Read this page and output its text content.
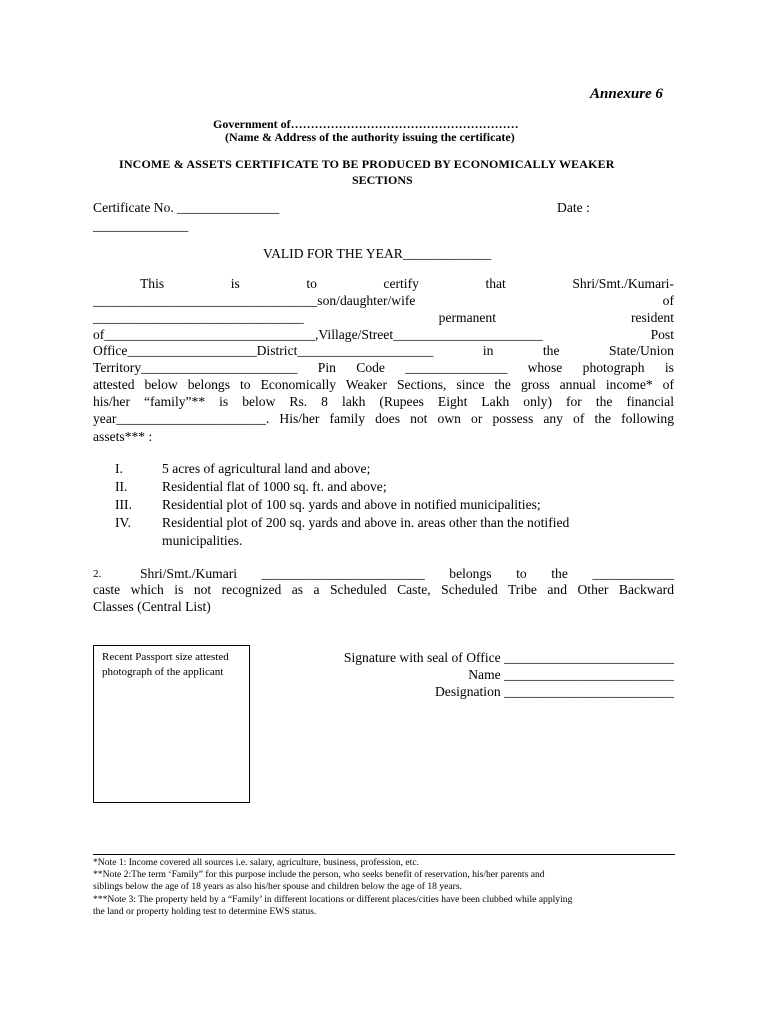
Annexure 6
Government of…………………………………………………
(Name & Address of the authority issuing the certificate)
INCOME & ASSETS CERTIFICATE TO BE PRODUCED BY ECONOMICALLY WEAKER
SECTIONS
Certificate No. _______________	Date :
______________
VALID FOR THE YEAR_____________
This	is	to	certify	that	Shri/Smt./Kumari-
_________________________________son/daughter/wife	of
_______________________________	permanent	resident
of_______________________________,Village/Street______________________	Post
Office___________________District____________________	in	the	State/Union
Territory_______________________ Pin Code _______________ whose photograph is
attested below belongs to Economically Weaker Sections, since the gross annual income* of
his/her “family”** is below Rs. 8 lakh (Rupees Eight Lakh only) for the financial
year______________________. His/her family does not own or possess any of the following
assets*** :
I.	5 acres of agricultural land and above;
II.	Residential flat of 1000 sq. ft. and above;
III. Residential plot of 100 sq. yards and above in notified municipalities;
IV. Residential plot of 200 sq. yards and above in. areas other than the notified
municipalities.
2.	Shri/Smt./Kumari ________________________ belongs to the ____________
caste which is not recognized as a Scheduled Caste, Scheduled Tribe and Other Backward
Classes (Central List)
Recent Passport size attested photograph of the applicant
Signature with seal of Office _________________________
Name _________________________
Designation _________________________
*Note 1: Income covered all sources i.e. salary, agriculture, business, profession, etc.
**Note 2:The term ‘Family” for this purpose include the person, who seeks benefit of reservation, his/her parents and
siblings below the age of 18 years as also his/her spouse and children below the age of 18 years.
***Note 3: The property held by a “Family’ in different locations or different places/cities have been clubbed while applying
the land or property holding test to determine EWS status.
